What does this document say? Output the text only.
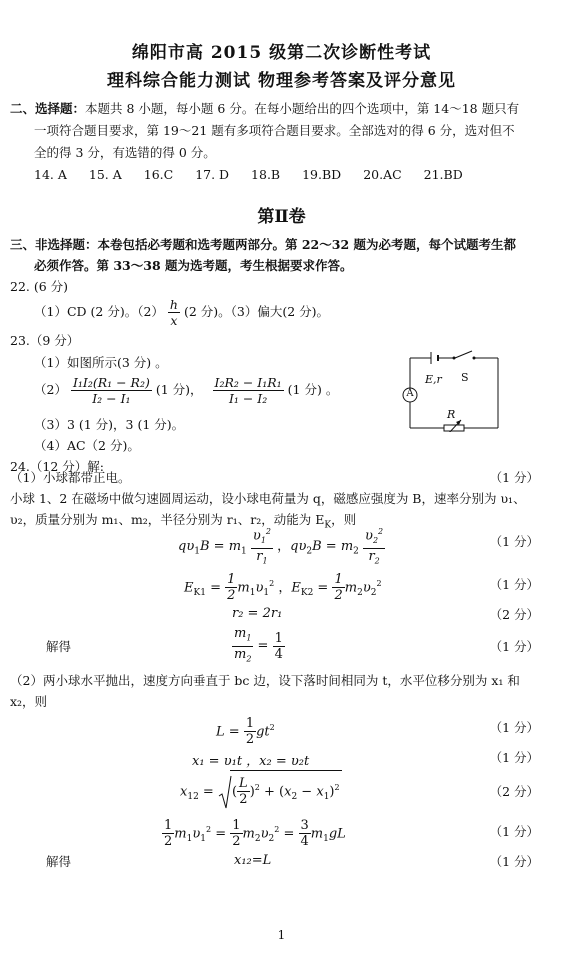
绵阳市高 2015 级第二次诊断性考试
理科综合能力测试 物理参考答案及评分意见
二、选择题：本题共 8 小题，每小题 6 分。在每小题给出的四个选项中，第 14～18 题只有
一项符合题目要求，第 19～21 题有多项符合题目要求。全部选对的得 6 分，选对但不
全的得 3 分，有选错的得 0 分。
14. A 15. A 16.C 17. D 18.B 19.BD 20.AC 21.BD
第Ⅱ卷
三、非选择题：本卷包括必考题和选考题两部分。第 22～32 题为必考题，每个试题考生都
必须作答。第 33～38 题为选考题，考生根据要求作答。
22. (6 分)
（1）CD (2 分)。$(2) \frac{h}{x} (2$ 分)。（3）偏大(2 分)。
23.（9 分）
（1）如图所示(3 分) 。
$(2) \frac{\text{I₁I₂(R₁ − R₂)}}{\text{I₂ − I₁}} (1$ 分)， $\frac{\text{I₂R₂ − I₁R₁}}{\text{I₁ − I₂}} (1$ 分) 。
（3）3 (1 分)，3 (1 分)。
（4）AC（2 分)。
E,r S
A
R
24.（12 分）解:
（1）小球都带正电。	（1 分）
小球 1、2 在磁场中做匀速圆周运动，设小球电荷量为 q，磁感应强度为 B，速率分别为 υ₁、
υ₂，质量分别为 m₁、m₂，半径分别为 r₁、r₂，动能为 $E_K$，则
$q\upsilon_1B = m_1 \frac{\upsilon_1^2}{r_1}$ ，$q\upsilon_2B = m_2 \frac{\upsilon_2^2}{r_2}$	（1 分）
$E_{K1} = \frac{1}{2} m_1\upsilon_1^2$ ，$E_{K2} = \frac{1}{2} m_2\upsilon_2^2$	（1 分）
r₂ = 2r₁	（2 分）
解得	$\frac{m_1}{m_2} = \frac{1}{4}$	（1 分）
（2）两小球水平抛出，速度方向垂直于 bc 边，设下落时间相同为 t，水平位移分别为 x₁ 和
x₂，则
$L = \frac{1}{2} gt^2$	（1 分）
x₁ = υ₁t ，x₂ = υ₂t	（1 分）
$x_{12}$ = ( $\frac{L}{2} )^2 + (x_2 - x_1)^2$	（2 分）
$\frac{1}{2} m_1\upsilon_1^2 = \frac{1}{2} m_2\upsilon_2^2 = \frac{3}{4} m_1gL$	（1 分）
解得	x₁₂=L	（1 分）
1
